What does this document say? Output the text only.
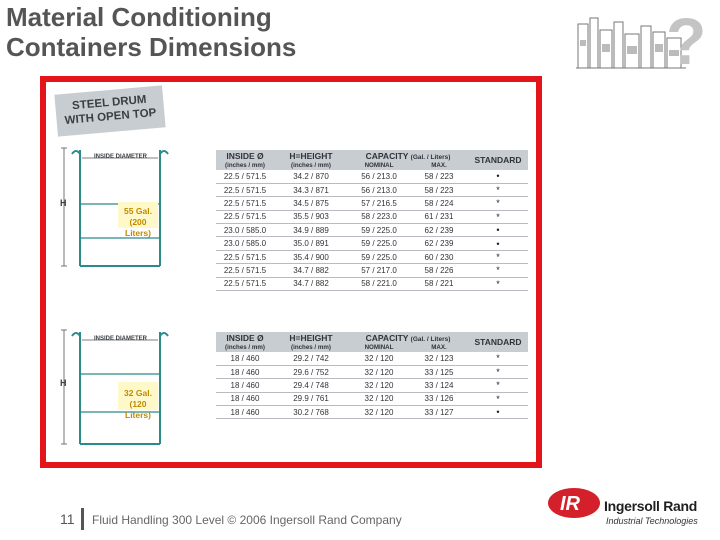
Material Conditioning
Containers Dimensions	?
STEEL DRUM
WITH OPEN TOP
INSIDE DIAMETER
H
55 Gal.
(200 Liters)
INSIDE DIAMETER
H
32 Gal.
(120 Liters)
INSIDE Ø	H=HEIGHT	CAPACITY (Gal. / Liters)		STANDARD
(inches / mm)	(inches / mm)	NOMINAL	MAX.	
22.5 / 571.5	34.2 / 870	56 / 213.0	58 / 223	•
22.5 / 571.5	34.3 / 871	56 / 213.0	58 / 223	*
22.5 / 571.5	34.5 / 875	57 / 216.5	58 / 224	*
22.5 / 571.5	35.5 / 903	58 / 223.0	61 / 231	*
23.0 / 585.0	34.9 / 889	59 / 225.0	62 / 239	•
23.0 / 585.0	35.0 / 891	59 / 225.0	62 / 239	•
22.5 / 571.5	35.4 / 900	59 / 225.0	60 / 230	*
22.5 / 571.5	34.7 / 882	57 / 217.0	58 / 226	*
22.5 / 571.5	34.7 / 882	58 / 221.0	58 / 221	*
INSIDE Ø	H=HEIGHT	CAPACITY (Gal. / Liters)		STANDARD
(inches / mm)	(inches / mm)	NOMINAL	MAX.	
18 / 460	29.2 / 742	32 / 120	32 / 123	*
18 / 460	29.6 / 752	32 / 120	33 / 125	*
18 / 460	29.4 / 748	32 / 120	33 / 124	*
18 / 460	29.9 / 761	32 / 120	33 / 126	*
18 / 460	30.2 / 768	32 / 120	33 / 127	•
11 Fluid Handling 300 Level © 2006 Ingersoll Rand Company
IR Ingersoll Rand
Industrial Technologies
